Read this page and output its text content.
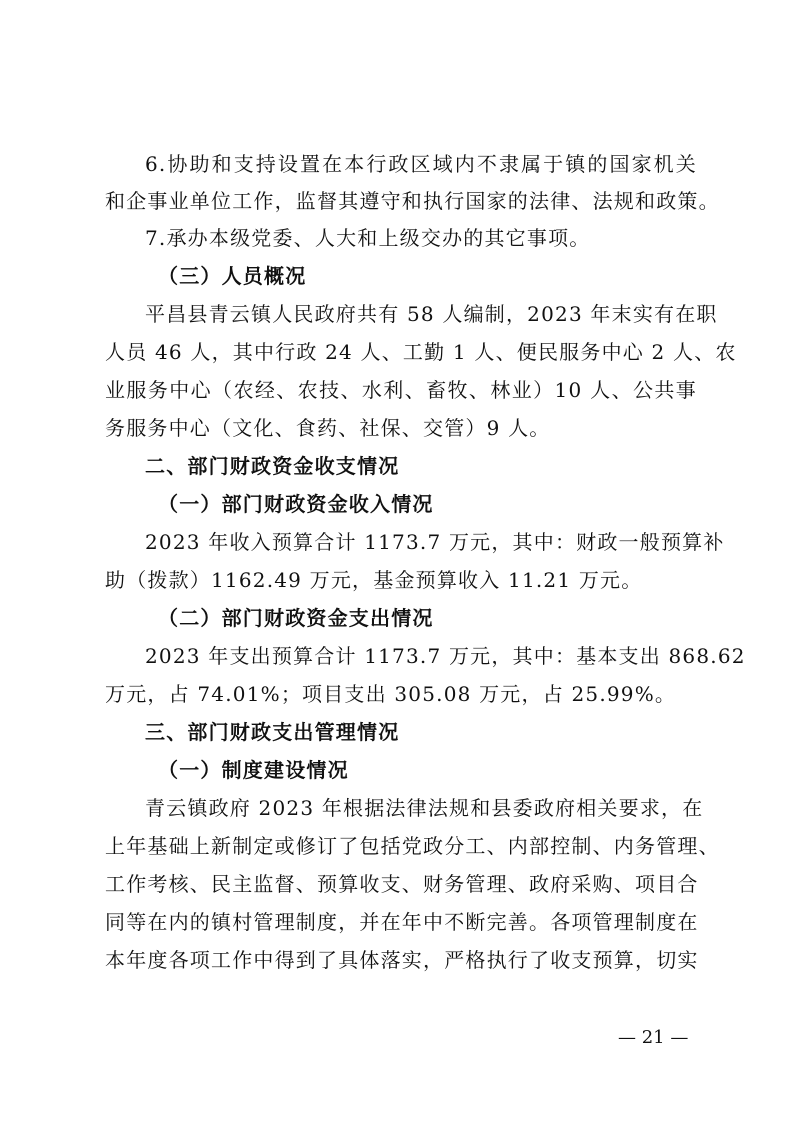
6.协助和支持设置在本行政区域内不隶属于镇的国家机关
和企事业单位工作，监督其遵守和执行国家的法律、法规和政策。
7.承办本级党委、人大和上级交办的其它事项。
（三）人员概况
平昌县青云镇人民政府共有 58 人编制，2023 年末实有在职
人员 46 人，其中行政 24 人、工勤 1 人、便民服务中心 2 人、农
业服务中心（农经、农技、水利、畜牧、林业）10 人、公共事
务服务中心（文化、食药、社保、交管）9 人。
二、部门财政资金收支情况
（一）部门财政资金收入情况
2023 年收入预算合计 1173.7 万元，其中：财政一般预算补
助（拨款）1162.49 万元，基金预算收入 11.21 万元。
（二）部门财政资金支出情况
2023 年支出预算合计 1173.7 万元，其中：基本支出 868.62
万元，占 74.01%；项目支出 305.08 万元，占 25.99%。
三、部门财政支出管理情况
（一）制度建设情况
青云镇政府 2023 年根据法律法规和县委政府相关要求，在
上年基础上新制定或修订了包括党政分工、内部控制、内务管理、
工作考核、民主监督、预算收支、财务管理、政府采购、项目合
同等在内的镇村管理制度，并在年中不断完善。各项管理制度在
本年度各项工作中得到了具体落实，严格执行了收支预算，切实
— 21 —
